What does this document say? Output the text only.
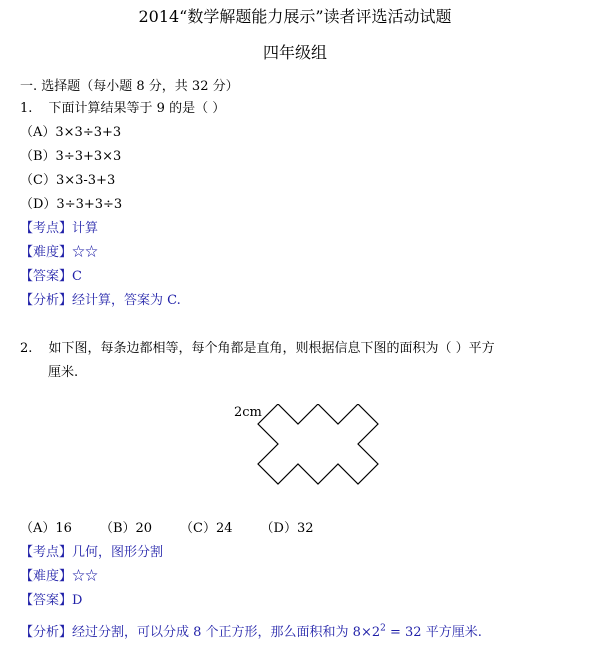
2014“数学解题能力展示”读者评选活动试题
四年级组
一. 选择题（每小题 8 分，共 32 分）
1. 下面计算结果等于 9 的是（ ）
（A）3×3÷3+3
（B）3÷3+3×3
（C）3×3-3+3
（D）3÷3+3÷3
【考点】计算
【难度】☆☆
【答案】C
【分析】经计算，答案为 C.
2. 如下图，每条边都相等，每个角都是直角，则根据信息下图的面积为（ ）平方
厘米.
2cm
（A）16 （B）20 （C）24 （D）32
【考点】几何，图形分割
【难度】☆☆
【答案】D
【分析】经过分割，可以分成 8 个正方形，那么面积和为 $8\times 2^2 = 32$ 平方厘米.
